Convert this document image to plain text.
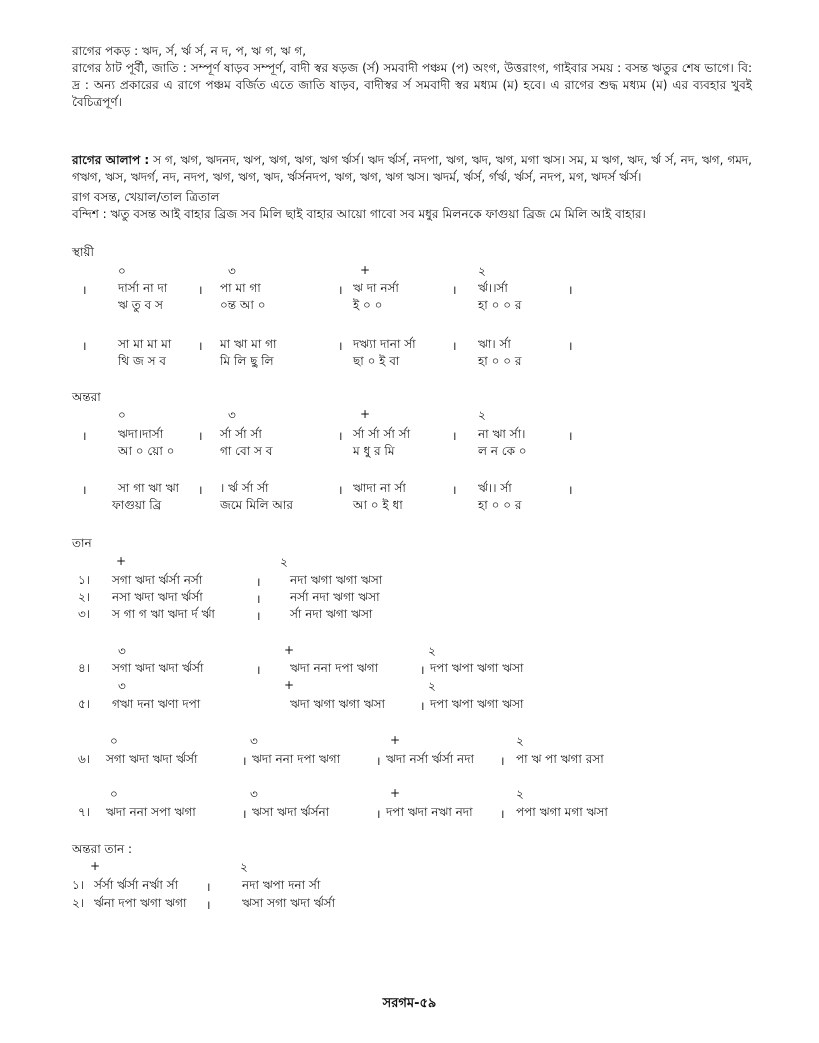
রাগের পকড় : ঋদ, র্স, র্ঋ র্স, ন দ, প, ঋ গ, ঋ গ,
রাগের ঠাট পূর্বী, জাতি : সম্পূর্ণ ষাড়ব সম্পূর্ণ, বাদী স্বর ষড়জ (র্স) সমবাদী পঞ্চম (প) অংগ, উত্তরাংগ, গাইবার সময় : বসন্ত ঋতুর শেষ ভাগে। বি: দ্র : অন্য প্রকারের এ রাগে পঞ্চম বর্জিত এতে জাতি ষাড়ব, বাদীস্বর র্স সমবাদী স্বর মধ্যম (ম) হবে। এ রাগের শুদ্ধ মধ্যম (ম) এর ব্যবহার খুবই বৈচিত্রপূর্ণ।
রাগের আলাপ : স গ, ঋগ, ঋদনদ, ঋপ, ঋগ, ঋগ, ঋগ র্ঋর্স। ঋদ র্ঋর্স, নদপা, ঋগ, ঋদ, ঋগ, মগা ঋস। সম, ম ঋগ, ঋদ, র্ঋ র্স, নদ, ঋগ, গমদ, গঋগ, ঋস, ঋদর্গ, নদ, নদপ, ঋগ, ঋগ, ঋদ, র্ঋর্সনদপ, ঋগ, ঋগ, ঋগ ঋস। ঋদর্ম, র্ঋর্স, র্গর্ঋ, র্ঋর্স, নদপ, মগ, ঋদর্স র্ঋর্স।
রাগ বসন্ত, খেয়াল/তাল ত্রিতাল
বন্দিশ : ঋতু বসন্ত আই বাহার ব্রিজ সব মিলি ছাই বাহার আয়ো গাবো সব মধুর মিলনকে ফাগুয়া ব্রিজ মে মিলি আই বাহার।
স্থায়ী
০	৩	+	২
।	দার্সা না দা	। পা মা গা	। ঋ দা নর্সা	। র্ঋ।।র্সা	।
ঋ তু ব স	০ন্ত আ ০	ই ০ ০	হা ০ ০ র
।	সা মা মা মা । মা ঋা মা গা	। দঋ্যা দানা র্সা	। ঋা। র্সা	।
থি জ স ব	মি লি ছু লি	ছা ০ ই বা	হা ০ ০ র
অন্তরা
০	৩	+	২
।	ঋদা।দার্সা	। র্সা র্সা র্সা	। র্সা র্সা র্সা র্সা	। না ঋা র্সা।	।
আ ০ য়ো ০	গা বো স ব	ম ধু র মি	ল ন কে ০
।	সা গা ঋা ঋা । । র্ঋ র্সা র্সা	। ঋাদা না র্সা	। র্ঋ।। র্সা	।
ফাগুয়া ব্রি	জমে মিলি আর	আ ০ ই ধা	হা ০ ০ র
তান
+	২
১। সগা ঋদা র্ঋর্সা নর্সা	। নদা ঋগা ঋগা ঋসা
২। নসা ঋদা ঋদা র্ঋর্সা	। নর্সা নদা ঋগা ঋসা
৩। স গা গ ঋা ঋদা র্দ র্ঋা	। র্সা নদা ঋগা ঋসা
৩	+	২
৪। সগা ঋদা ঋদা র্ঋর্সা	। ঋদা ননা দপা ঋগা	। দপা ঋপা ঋগা ঋসা
৩	+	২
৫। গঋা দনা ঋণা দপা	ঋদা ঋগা ঋগা ঋসা	। দপা ঋপা ঋগা ঋসা
০	৩	+	২
৬। সগা ঋদা ঋদা র্ঋর্সা	। ঋদা ননা দপা ঋগা	। ঋদা নর্সা র্ঋর্সা নদা । পা ঋ পা ঋগা রসা
০	৩	+	২
৭। ঋদা ননা সপা ঋগা	। ঋসা ঋদা র্ঋর্সনা	। দপা ঋদা নঋা নদা । পপা ঋগা মগা ঋসা
অন্তরা তান :
+	২
১। র্সর্সা র্ঋর্সা নর্ঋা র্সা ।	নদা ঋপা দনা র্সা
২। র্ঋনা দপা ঋগা ঋগা ।	ঋসা সগা ঋদা র্ঋর্সা
সরগম-৫৯
